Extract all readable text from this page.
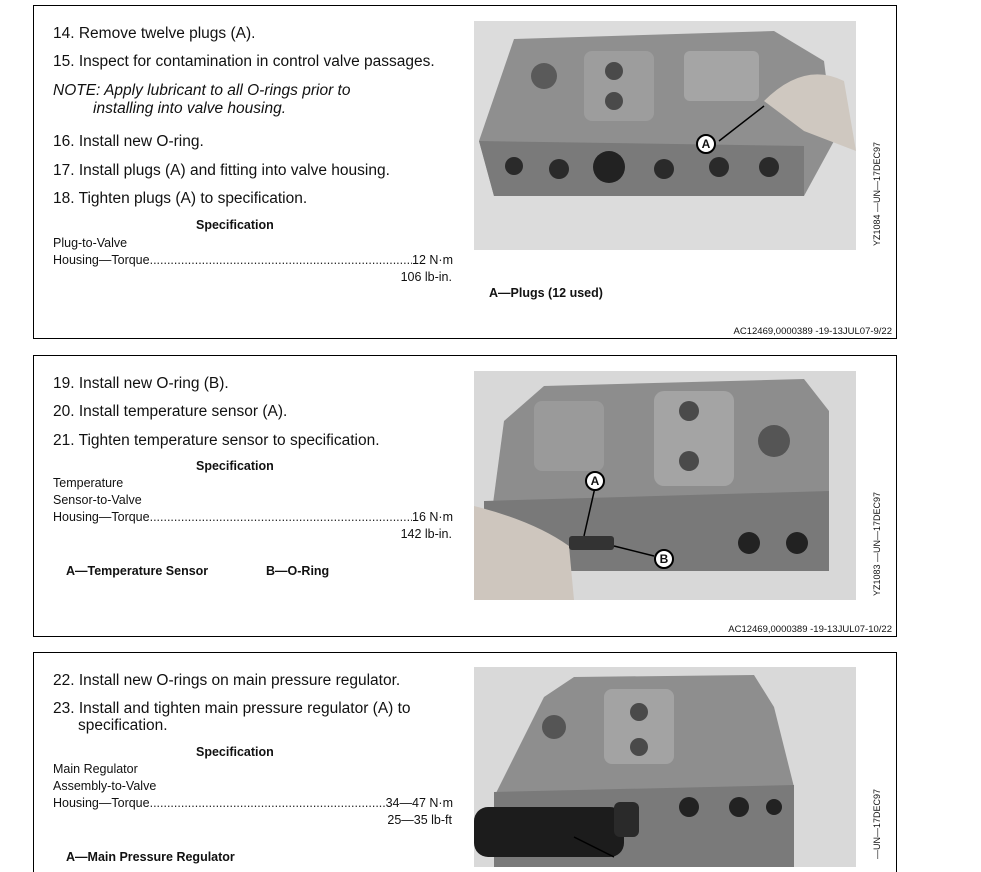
14. Remove twelve plugs (A).
15. Inspect for contamination in control valve passages.
NOTE: Apply lubricant to all O-rings prior to
installing into valve housing.
16. Install new O-ring.
17. Install plugs (A) and fitting into valve housing.
18. Tighten plugs (A) to specification.
Specification
Plug-to-Valve
Housing—Torque .....	12 N·m
106 lb-in.
A	YZ1084 —UN—17DEC97
A—Plugs (12 used)
AC12469,0000389 -19-13JUL07-9/22
19. Install new O-ring (B).
20. Install temperature sensor (A).
21. Tighten temperature sensor to specification.
Specification
Temperature
Sensor-to-Valve
Housing—Torque .....	16 N·m
142 lb-in.
A—Temperature Sensor	B—O-Ring
A
B	YZ1083 —UN—17DEC97
AC12469,0000389 -19-13JUL07-10/22
22. Install new O-rings on main pressure regulator.
23. Install and tighten main pressure regulator (A) to
specification.
Specification
Main Regulator
Assembly-to-Valve
Housing—Torque .....	34—47 N·m
25—35 lb-ft
A—Main Pressure Regulator	—UN—17DEC97
